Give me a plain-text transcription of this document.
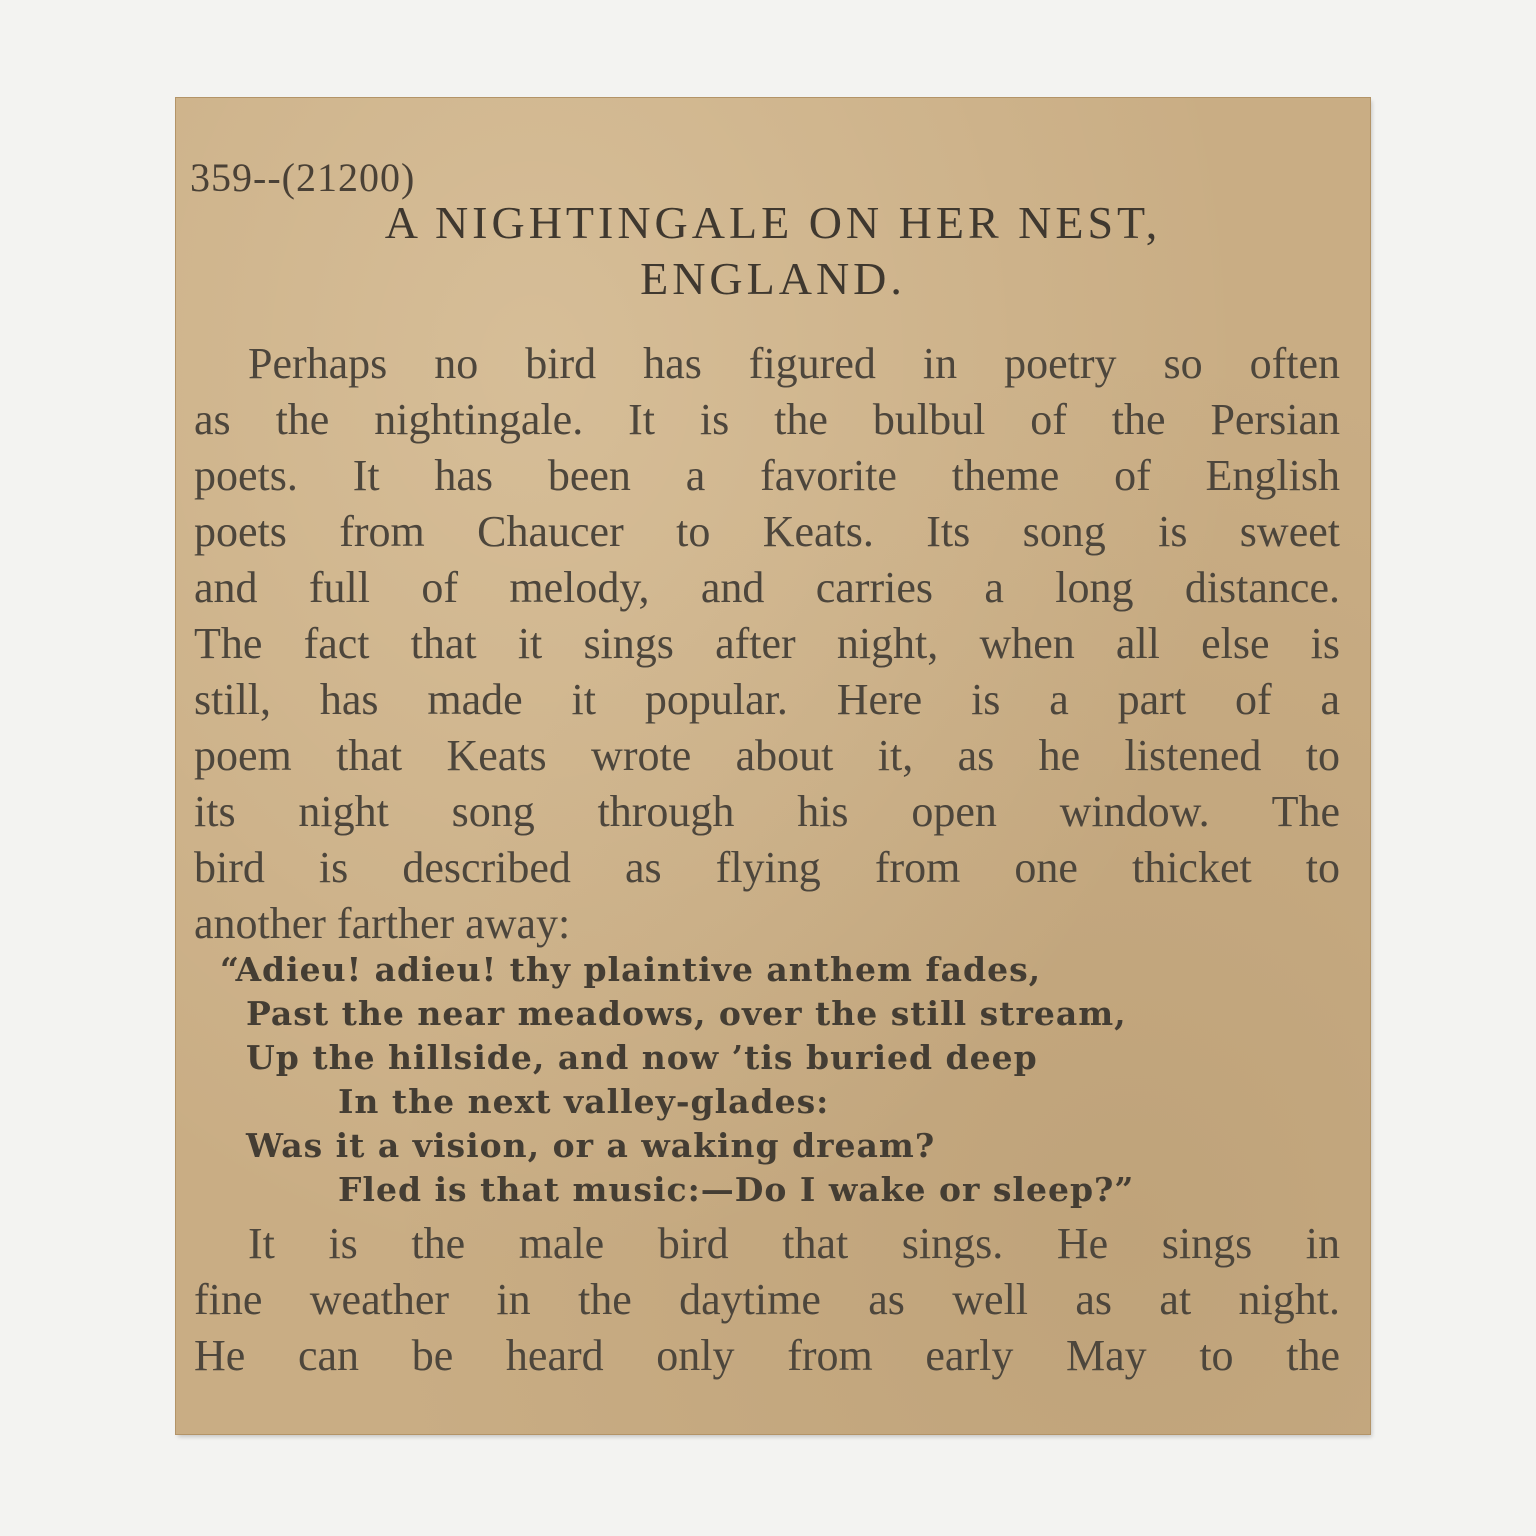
359--(21200)
A NIGHTINGALE ON HER NEST,
ENGLAND.
Perhaps no bird has figured in poetry so often
as the nightingale. It is the bulbul of the Persian
poets. It has been a favorite theme of English
poets from Chaucer to Keats. Its song is sweet
and full of melody, and carries a long distance.
The fact that it sings after night, when all else is
still, has made it popular. Here is a part of a
poem that Keats wrote about it, as he listened to
its night song through his open window. The
bird is described as flying from one thicket to
another farther away:
“Adieu! adieu! thy plaintive anthem fades,
Past the near meadows, over the still stream,
Up the hillside, and now ’tis buried deep
In the next valley-glades:
Was it a vision, or a waking dream?
Fled is that music:—Do I wake or sleep?”
It is the male bird that sings. He sings in
fine weather in the daytime as well as at night.
He can be heard only from early May to the
